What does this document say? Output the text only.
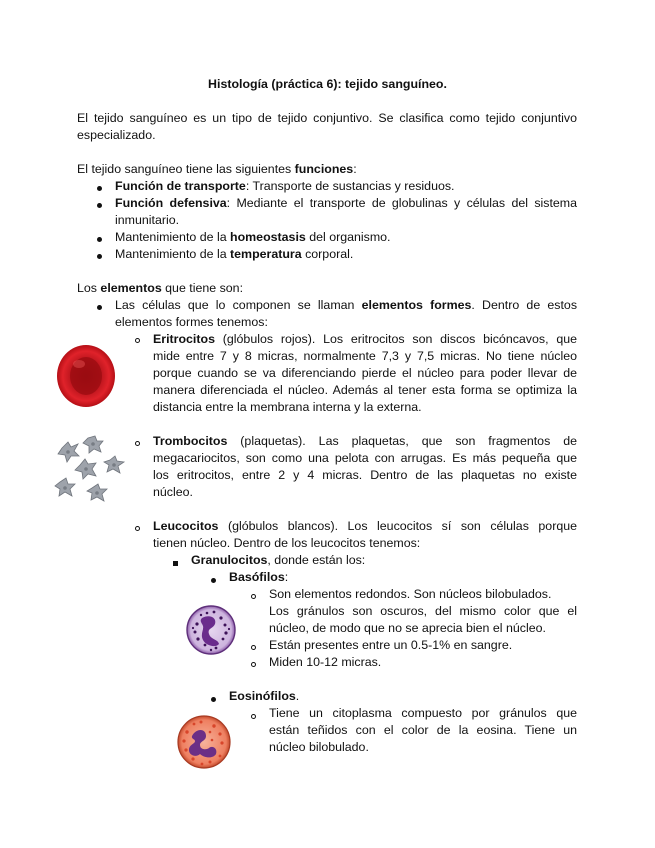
Histología (práctica 6): tejido sanguíneo.
El tejido sanguíneo es un tipo de tejido conjuntivo. Se clasifica como tejido conjuntivo
especializado.
El tejido sanguíneo tiene las siguientes funciones:
Función de transporte: Transporte de sustancias y residuos.
Función defensiva: Mediante el transporte de globulinas y células del sistema
inmunitario.
Mantenimiento de la homeostasis del organismo.
Mantenimiento de la temperatura corporal.
Los elementos que tiene son:
Las células que lo componen se llaman elementos formes. Dentro de estos
elementos formes tenemos:
Eritrocitos (glóbulos rojos). Los eritrocitos son discos bicóncavos, que
mide entre 7 y 8 micras, normalmente 7,3 y 7,5 micras. No tiene núcleo
porque cuando se va diferenciando pierde el núcleo para poder llevar de
manera diferenciada el núcleo. Además al tener esta forma se optimiza la
distancia entre la membrana interna y la externa.
Trombocitos (plaquetas). Las plaquetas, que son fragmentos de
megacariocitos, son como una pelota con arrugas. Es más pequeña que
los eritrocitos, entre 2 y 4 micras. Dentro de las plaquetas no existe
núcleo.
Leucocitos (glóbulos blancos). Los leucocitos sí son células porque
tienen núcleo. Dentro de los leucocitos tenemos:
Granulocitos, donde están los:
Basófilos:
Son elementos redondos. Son núcleos bilobulados.
Los gránulos son oscuros, del mismo color que el
núcleo, de modo que no se aprecia bien el núcleo.
Están presentes entre un 0.5-1% en sangre.
Miden 10-12 micras.
Eosinófilos.
Tiene un citoplasma compuesto por gránulos que
están teñidos con el color de la eosina. Tiene un
núcleo bilobulado.
